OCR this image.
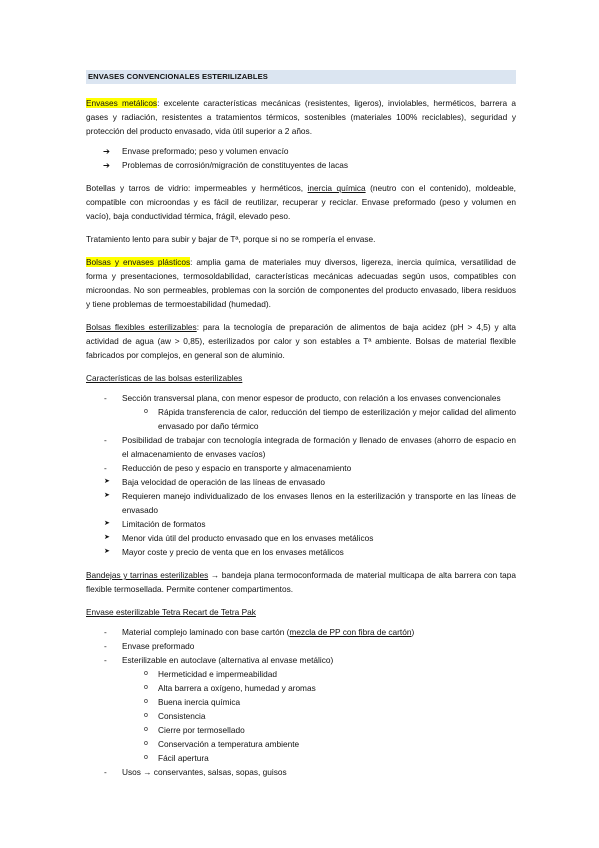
ENVASES CONVENCIONALES ESTERILIZABLES

Envases metálicos: excelente características mecánicas (resistentes, ligeros), inviolables, herméticos, barrera a gases y radiación, resistentes a tratamientos térmicos, sostenibles (materiales 100% reciclables), seguridad y protección del producto envasado, vida útil superior a 2 años.

➔ Envase preformado; peso y volumen envacío
➔ Problemas de corrosión/migración de constituyentes de lacas

Botellas y tarros de vidrio: impermeables y herméticos, inercia química (neutro con el contenido), moldeable, compatible con microondas y es fácil de reutilizar, recuperar y reciclar. Envase preformado (peso y volumen en vacío), baja conductividad térmica, frágil, elevado peso.

Tratamiento lento para subir y bajar de Tª, porque si no se rompería el envase.

Bolsas y envases plásticos: amplia gama de materiales muy diversos, ligereza, inercia química, versatilidad de forma y presentaciones, termosoldabilidad, características mecánicas adecuadas según usos, compatibles con microondas. No son permeables, problemas con la sorción de componentes del producto envasado, libera residuos y tiene problemas de termoestabilidad (humedad).

Bolsas flexibles esterilizables: para la tecnología de preparación de alimentos de baja acidez (pH > 4,5) y alta actividad de agua (aw > 0,85), esterilizados por calor y son estables a Tª ambiente. Bolsas de material flexible fabricados por complejos, en general son de aluminio.

Características de las bolsas esterilizables

- Sección transversal plana, con menor espesor de producto, con relación a los envases convencionales
o Rápida transferencia de calor, reducción del tiempo de esterilización y mejor calidad del alimento envasado por daño térmico
- Posibilidad de trabajar con tecnología integrada de formación y llenado de envases (ahorro de espacio en el almacenamiento de envases vacíos)
- Reducción de peso y espacio en transporte y almacenamiento
➤ Baja velocidad de operación de las líneas de envasado
➤ Requieren manejo individualizado de los envases llenos en la esterilización y transporte en las líneas de envasado
➤ Limitación de formatos
➤ Menor vida útil del producto envasado que en los envases metálicos
➤ Mayor coste y precio de venta que en los envases metálicos

Bandejas y tarrinas esterilizables → bandeja plana termoconformada de material multicapa de alta barrera con tapa flexible termosellada. Permite contener compartimentos.

Envase esterilizable Tetra Recart de Tetra Pak

- Material complejo laminado con base cartón (mezcla de PP con fibra de cartón)
- Envase preformado
- Esterilizable en autoclave (alternativa al envase metálico)
o Hermeticidad e impermeabilidad
o Alta barrera a oxígeno, humedad y aromas
o Buena inercia química
o Consistencia
o Cierre por termosellado
o Conservación a temperatura ambiente
o Fácil apertura
- Usos → conservantes, salsas, sopas, guisos
